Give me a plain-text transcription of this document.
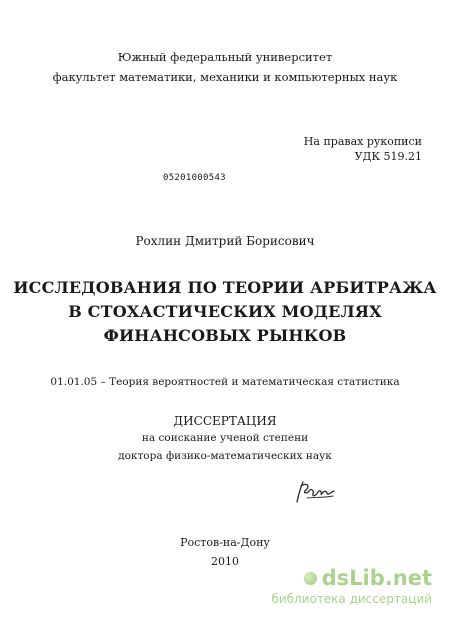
Южный федеральный университет
факультет математики, механики и компьютерных наук
На правах рукописи
УДК 519.21
05201000543
Рохлин Дмитрий Борисович
ИССЛЕДОВАНИЯ ПО ТЕОРИИ АРБИТРАЖА
В СТОХАСТИЧЕСКИХ МОДЕЛЯХ
ФИНАНСОВЫХ РЫНКОВ
01.01.05 – Теория вероятностей и математическая статистика
ДИССЕРТАЦИЯ
на соискание ученой степени
доктора физико-математических наук
Ростов-на-Дону
2010
dsLib.net
библиотека диссертаций
